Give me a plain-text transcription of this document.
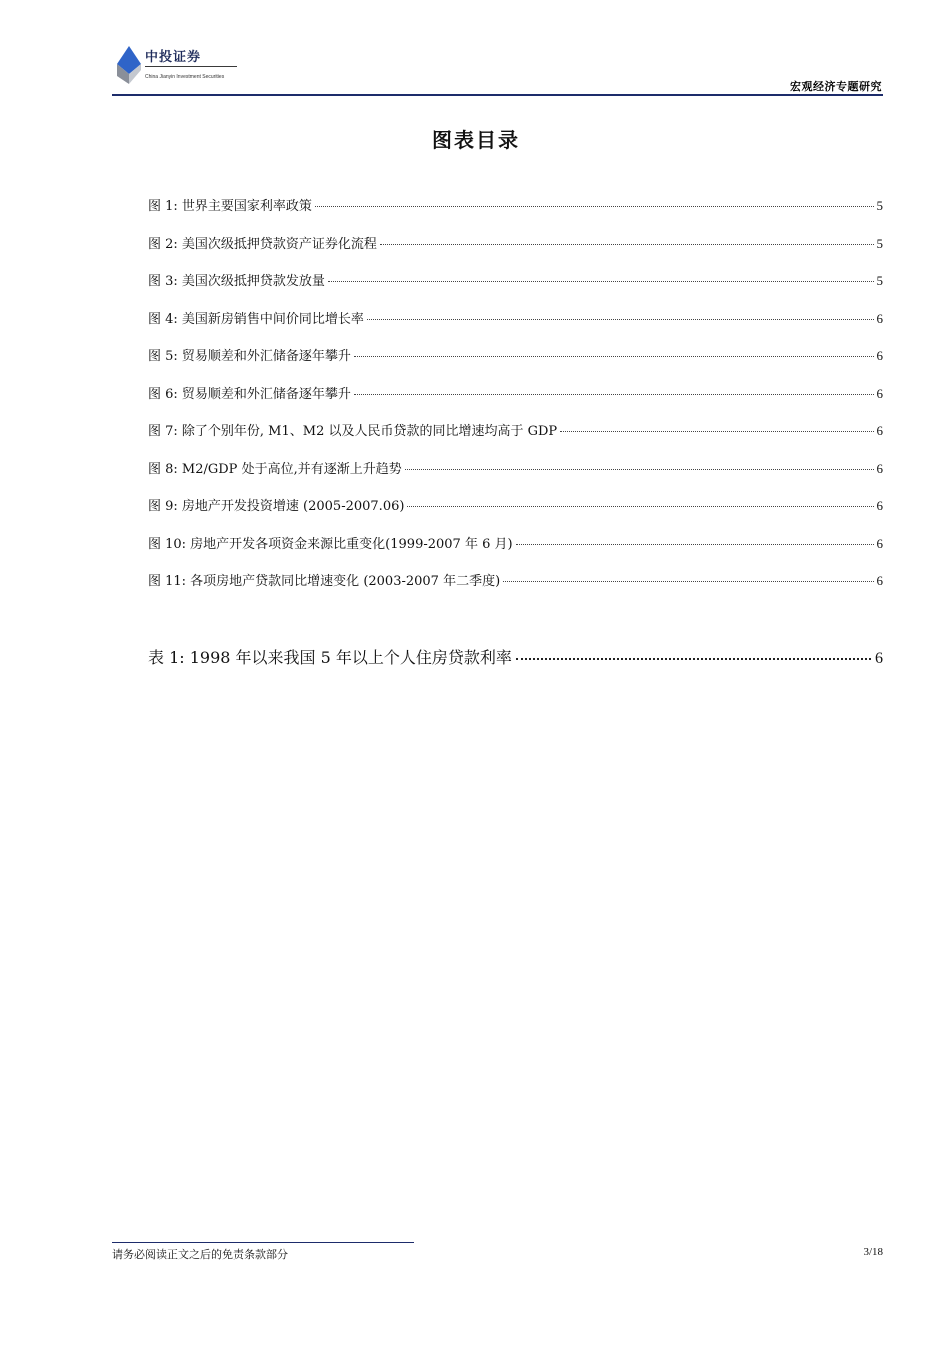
中投证券
China Jianyin Investment Securities
宏观经济专题研究
图表目录
图 1: 世界主要国家利率政策	5
图 2: 美国次级抵押贷款资产证券化流程	5
图 3: 美国次级抵押贷款发放量	5
图 4: 美国新房销售中间价同比增长率	6
图 5: 贸易顺差和外汇储备逐年攀升	6
图 6: 贸易顺差和外汇储备逐年攀升	6
图 7: 除了个别年份, M1、M2 以及人民币贷款的同比增速均高于 GDP	6
图 8: M2/GDP 处于高位,并有逐渐上升趋势	6
图 9: 房地产开发投资增速 (2005-2007.06)	6
图 10: 房地产开发各项资金来源比重变化(1999-2007 年 6 月)	6
图 11: 各项房地产贷款同比增速变化 (2003-2007 年二季度)	6
表 1: 1998 年以来我国 5 年以上个人住房贷款利率	6
请务必阅读正文之后的免责条款部分	3/18
